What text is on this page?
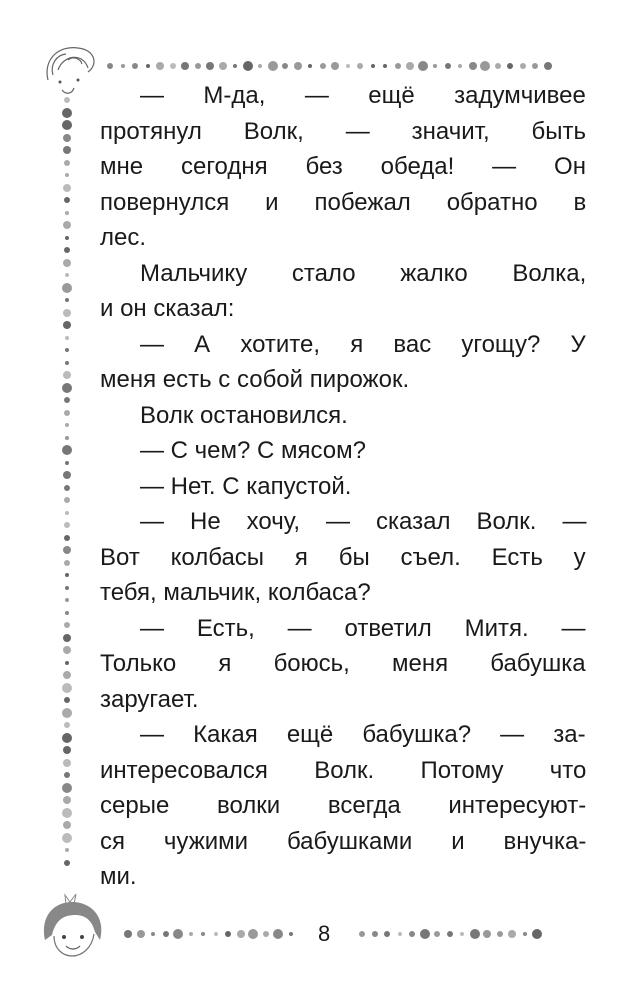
— М-да, — ещё задумчивее
протянул Волк, — значит, быть
мне сегодня без обеда! — Он
повернулся и побежал обратно в
лес.
Мальчику стало жалко Волка,
и он сказал:
— А хотите, я вас угощу? У
меня есть с собой пирожок.
Волк остановился.
— С чем? С мясом?
— Нет. С капустой.
— Не хочу, — сказал Волк. —
Вот колбасы я бы съел. Есть у
тебя, мальчик, колбаса?
— Есть, — ответил Митя. —
Только я боюсь, меня бабушка
заругает.
— Какая ещё бабушка? — за-
интересовался Волк. Потому что
серые волки всегда интересуют-
ся чужими бабушками и внучка-
ми.
8
